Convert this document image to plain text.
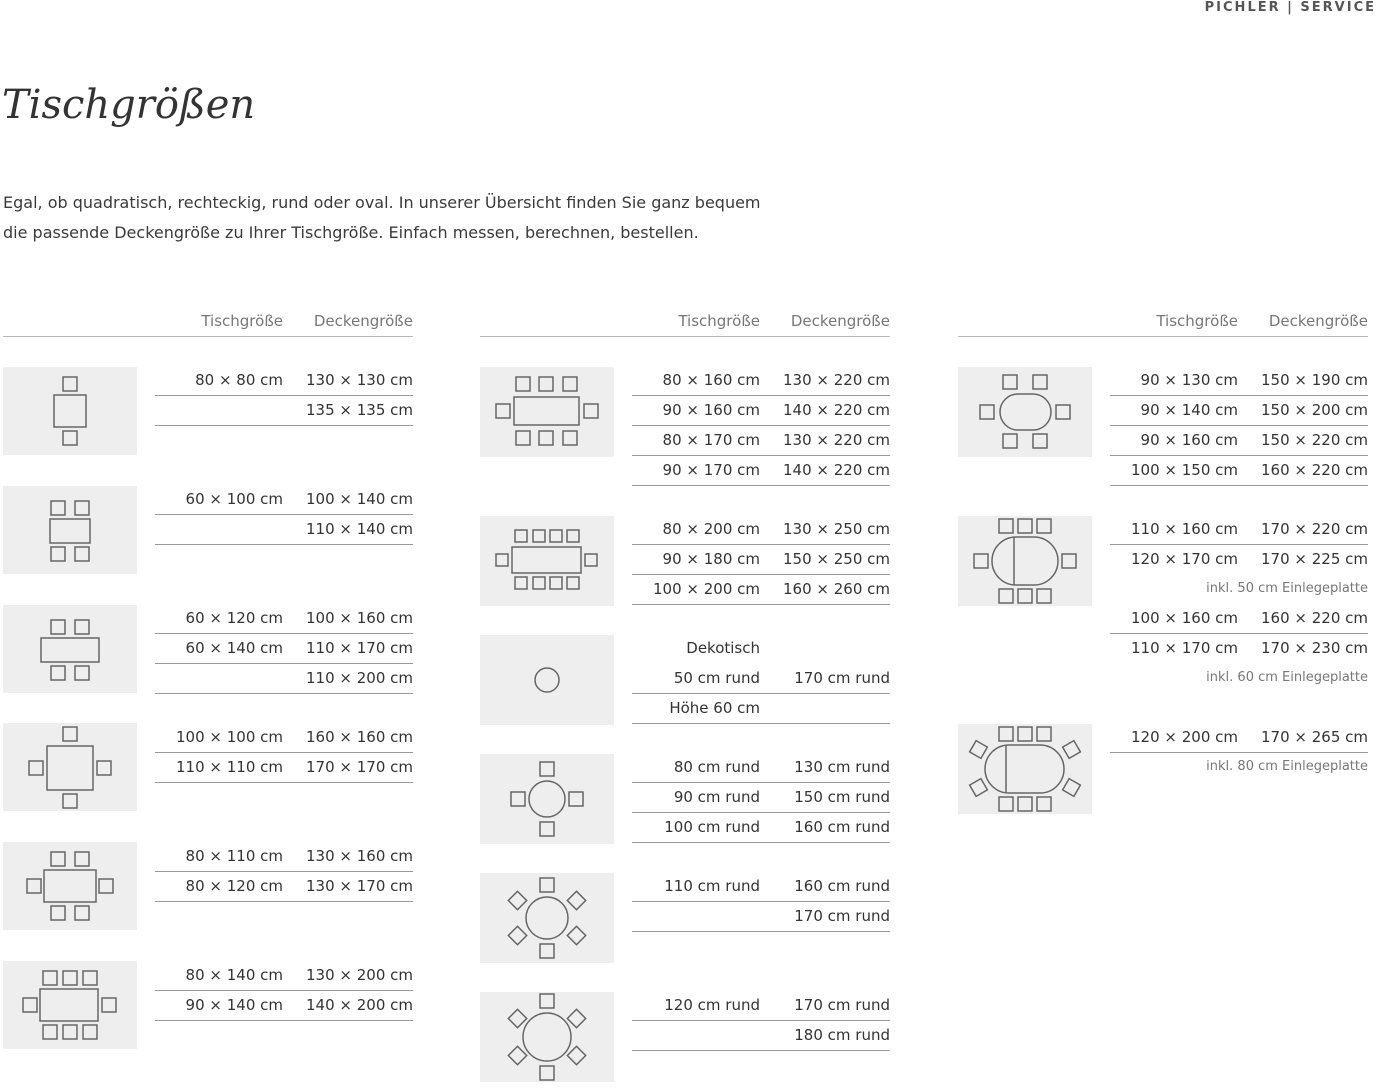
PICHLER | SERVICE
Tischgrößen
Egal, ob quadratisch, rechteckig, rund oder oval. In unserer Übersicht finden Sie ganz bequem
die passende Deckengröße zu Ihrer Tischgröße. Einfach messen, berechnen, bestellen.
Tischgröße Deckengröße
80 × 80 cm 130 × 130 cm
135 × 135 cm
60 × 100 cm 100 × 140 cm
110 × 140 cm
60 × 120 cm 100 × 160 cm
60 × 140 cm 110 × 170 cm
110 × 200 cm
100 × 100 cm 160 × 160 cm
110 × 110 cm 170 × 170 cm
80 × 110 cm 130 × 160 cm
80 × 120 cm 130 × 170 cm
80 × 140 cm 130 × 200 cm
90 × 140 cm 140 × 200 cm
Tischgröße Deckengröße
80 × 160 cm 130 × 220 cm
90 × 160 cm 140 × 220 cm
80 × 170 cm 130 × 220 cm
90 × 170 cm 140 × 220 cm
80 × 200 cm 130 × 250 cm
90 × 180 cm 150 × 250 cm
100 × 200 cm 160 × 260 cm
Dekotisch
50 cm rund 170 cm rund
Höhe 60 cm
80 cm rund 130 cm rund
90 cm rund 150 cm rund
100 cm rund 160 cm rund
110 cm rund 160 cm rund
170 cm rund
120 cm rund 170 cm rund
180 cm rund
Tischgröße Deckengröße
90 × 130 cm 150 × 190 cm
90 × 140 cm 150 × 200 cm
90 × 160 cm 150 × 220 cm
100 × 150 cm 160 × 220 cm
110 × 160 cm 170 × 220 cm
120 × 170 cm 170 × 225 cm
inkl. 50 cm Einlegeplatte
100 × 160 cm 160 × 220 cm
110 × 170 cm 170 × 230 cm
inkl. 60 cm Einlegeplatte
120 × 200 cm 170 × 265 cm
inkl. 80 cm Einlegeplatte
